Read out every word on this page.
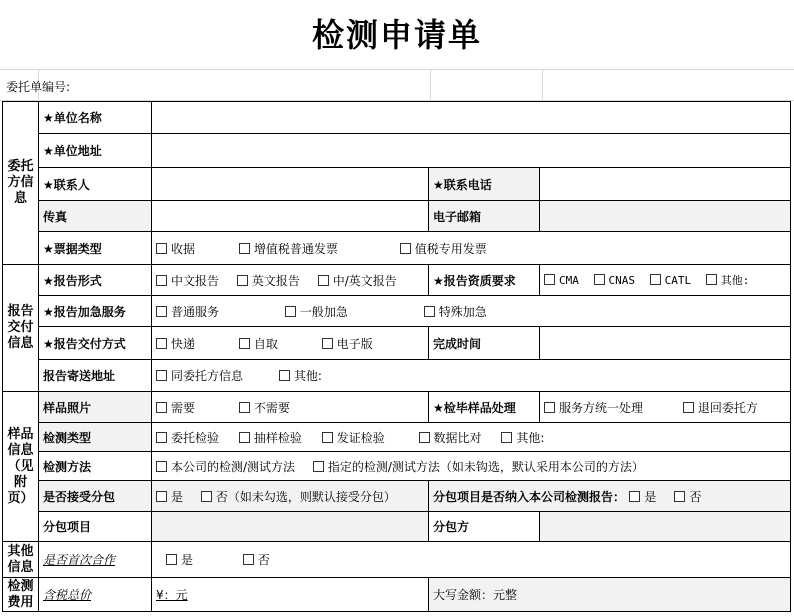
检测申请单
委托单编号:
委托方信息	★单位名称			
	★单位地址			
	★联系人		★联系电话	
	传真		电子邮箱	
	★票据类型	收据 增值税普通发票 值税专用发票		
报告交付信息	★报告形式	中文报告 英文报告 中/英文报告	★报告资质要求	CMA CNAS CATL 其他:
	★报告加急服务	普通服务 一般加急 特殊加急		
	★报告交付方式	快递 自取 电子版	完成时间	
	报告寄送地址	同委托方信息 其他:		
样品信息（见附页）	样品照片	需要 不需要	★检毕样品处理	服务方统一处理 退回委托方
	检测类型	委托检验 抽样检验 发证检验 数据比对 其他:		
	检测方法	本公司的检测/测试方法 指定的检测/测试方法（如未钩选，默认采用本公司的方法）		
	是否接受分包	是 否（如未勾选，则默认接受分包）	分包项目是否纳入本公司检测报告： 是 否	
	分包项目		分包方	
其他信息	是否首次合作	是 否		
检测费用	含税总价	¥：元	大写金额：元整	
